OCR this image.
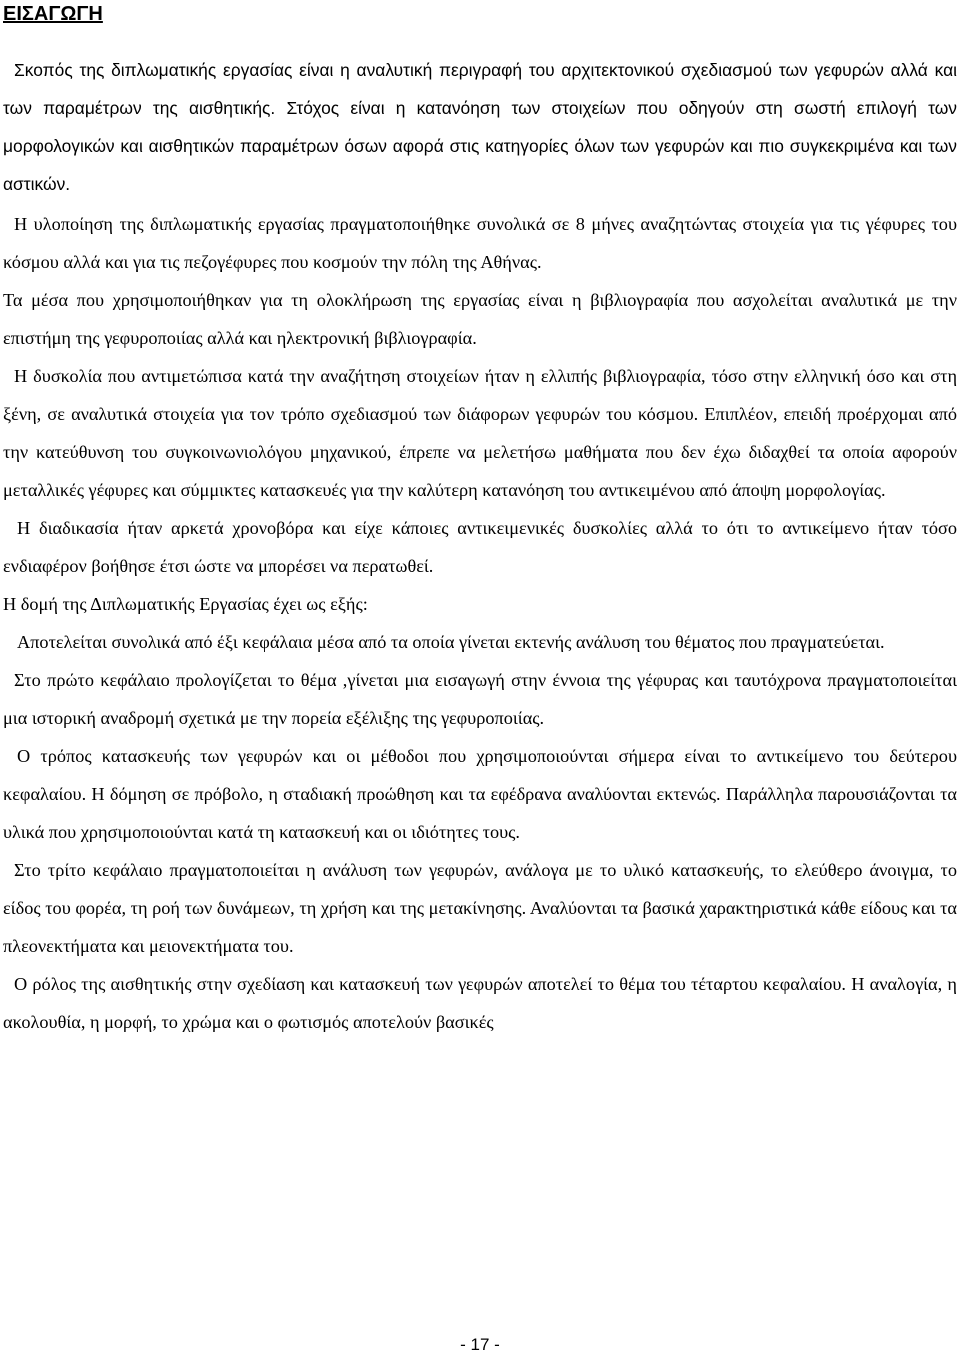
ΕΙΣΑΓΩΓΗ

Σκοπός της διπλωματικής εργασίας είναι η αναλυτική περιγραφή του αρχιτεκτονικού σχεδιασμού των γεφυρών αλλά και των παραμέτρων της αισθητικής. Στόχος είναι η κατανόηση των στοιχείων που οδηγούν στη σωστή επιλογή των μορφολογικών και αισθητικών παραμέτρων όσων αφορά στις κατηγορίες όλων των γεφυρών και πιο συγκεκριμένα και των αστικών.

Η υλοποίηση της διπλωματικής εργασίας πραγματοποιήθηκε συνολικά σε 8 μήνες αναζητώντας στοιχεία για τις γέφυρες του κόσμου αλλά και για τις πεζογέφυρες που κοσμούν την πόλη της Αθήνας.

Τα μέσα που χρησιμοποιήθηκαν για τη ολοκλήρωση της εργασίας είναι η βιβλιογραφία που ασχολείται αναλυτικά με την επιστήμη της γεφυροποιίας αλλά και ηλεκτρονική βιβλιογραφία.

Η δυσκολία που αντιμετώπισα κατά την αναζήτηση στοιχείων ήταν η ελλιπής βιβλιογραφία, τόσο στην ελληνική όσο και στη ξένη, σε αναλυτικά στοιχεία για τον τρόπο σχεδιασμού των διάφορων γεφυρών του κόσμου. Επιπλέον, επειδή προέρχομαι από την κατεύθυνση του συγκοινωνιολόγου μηχανικού, έπρεπε να μελετήσω μαθήματα που δεν έχω διδαχθεί τα οποία αφορούν μεταλλικές γέφυρες και σύμμικτες κατασκευές για την καλύτερη κατανόηση του αντικειμένου από άποψη μορφολογίας.

Η διαδικασία ήταν αρκετά χρονοβόρα και είχε κάποιες αντικειμενικές δυσκολίες αλλά το ότι το αντικείμενο ήταν τόσο ενδιαφέρον βοήθησε έτσι ώστε να μπορέσει να περατωθεί.

Η δομή της Διπλωματικής Εργασίας έχει ως εξής:

Αποτελείται συνολικά από έξι κεφάλαια μέσα από τα οποία γίνεται εκτενής ανάλυση του θέματος που πραγματεύεται.

Στο πρώτο κεφάλαιο προλογίζεται το θέμα ,γίνεται μια εισαγωγή στην έννοια της γέφυρας και ταυτόχρονα πραγματοποιείται μια ιστορική αναδρομή σχετικά με την πορεία εξέλιξης της γεφυροποιίας.

Ο τρόπος κατασκευής των γεφυρών και οι μέθοδοι που χρησιμοποιούνται σήμερα είναι το αντικείμενο του δεύτερου κεφαλαίου. Η δόμηση σε πρόβολο, η σταδιακή προώθηση και τα εφέδρανα αναλύονται εκτενώς. Παράλληλα παρουσιάζονται τα υλικά που χρησιμοποιούνται κατά τη κατασκευή και οι ιδιότητες τους.

Στο τρίτο κεφάλαιο πραγματοποιείται η ανάλυση των γεφυρών, ανάλογα με το υλικό κατασκευής, το ελεύθερο άνοιγμα, το είδος του φορέα, τη ροή των δυνάμεων, τη χρήση και της μετακίνησης. Αναλύονται τα βασικά χαρακτηριστικά κάθε είδους και τα πλεονεκτήματα και μειονεκτήματα του.

Ο ρόλος της αισθητικής στην σχεδίαση και κατασκευή των γεφυρών αποτελεί το θέμα του τέταρτου κεφαλαίου. Η αναλογία, η ακολουθία, η μορφή, το χρώμα και ο φωτισμός αποτελούν βασικές

- 17 -
